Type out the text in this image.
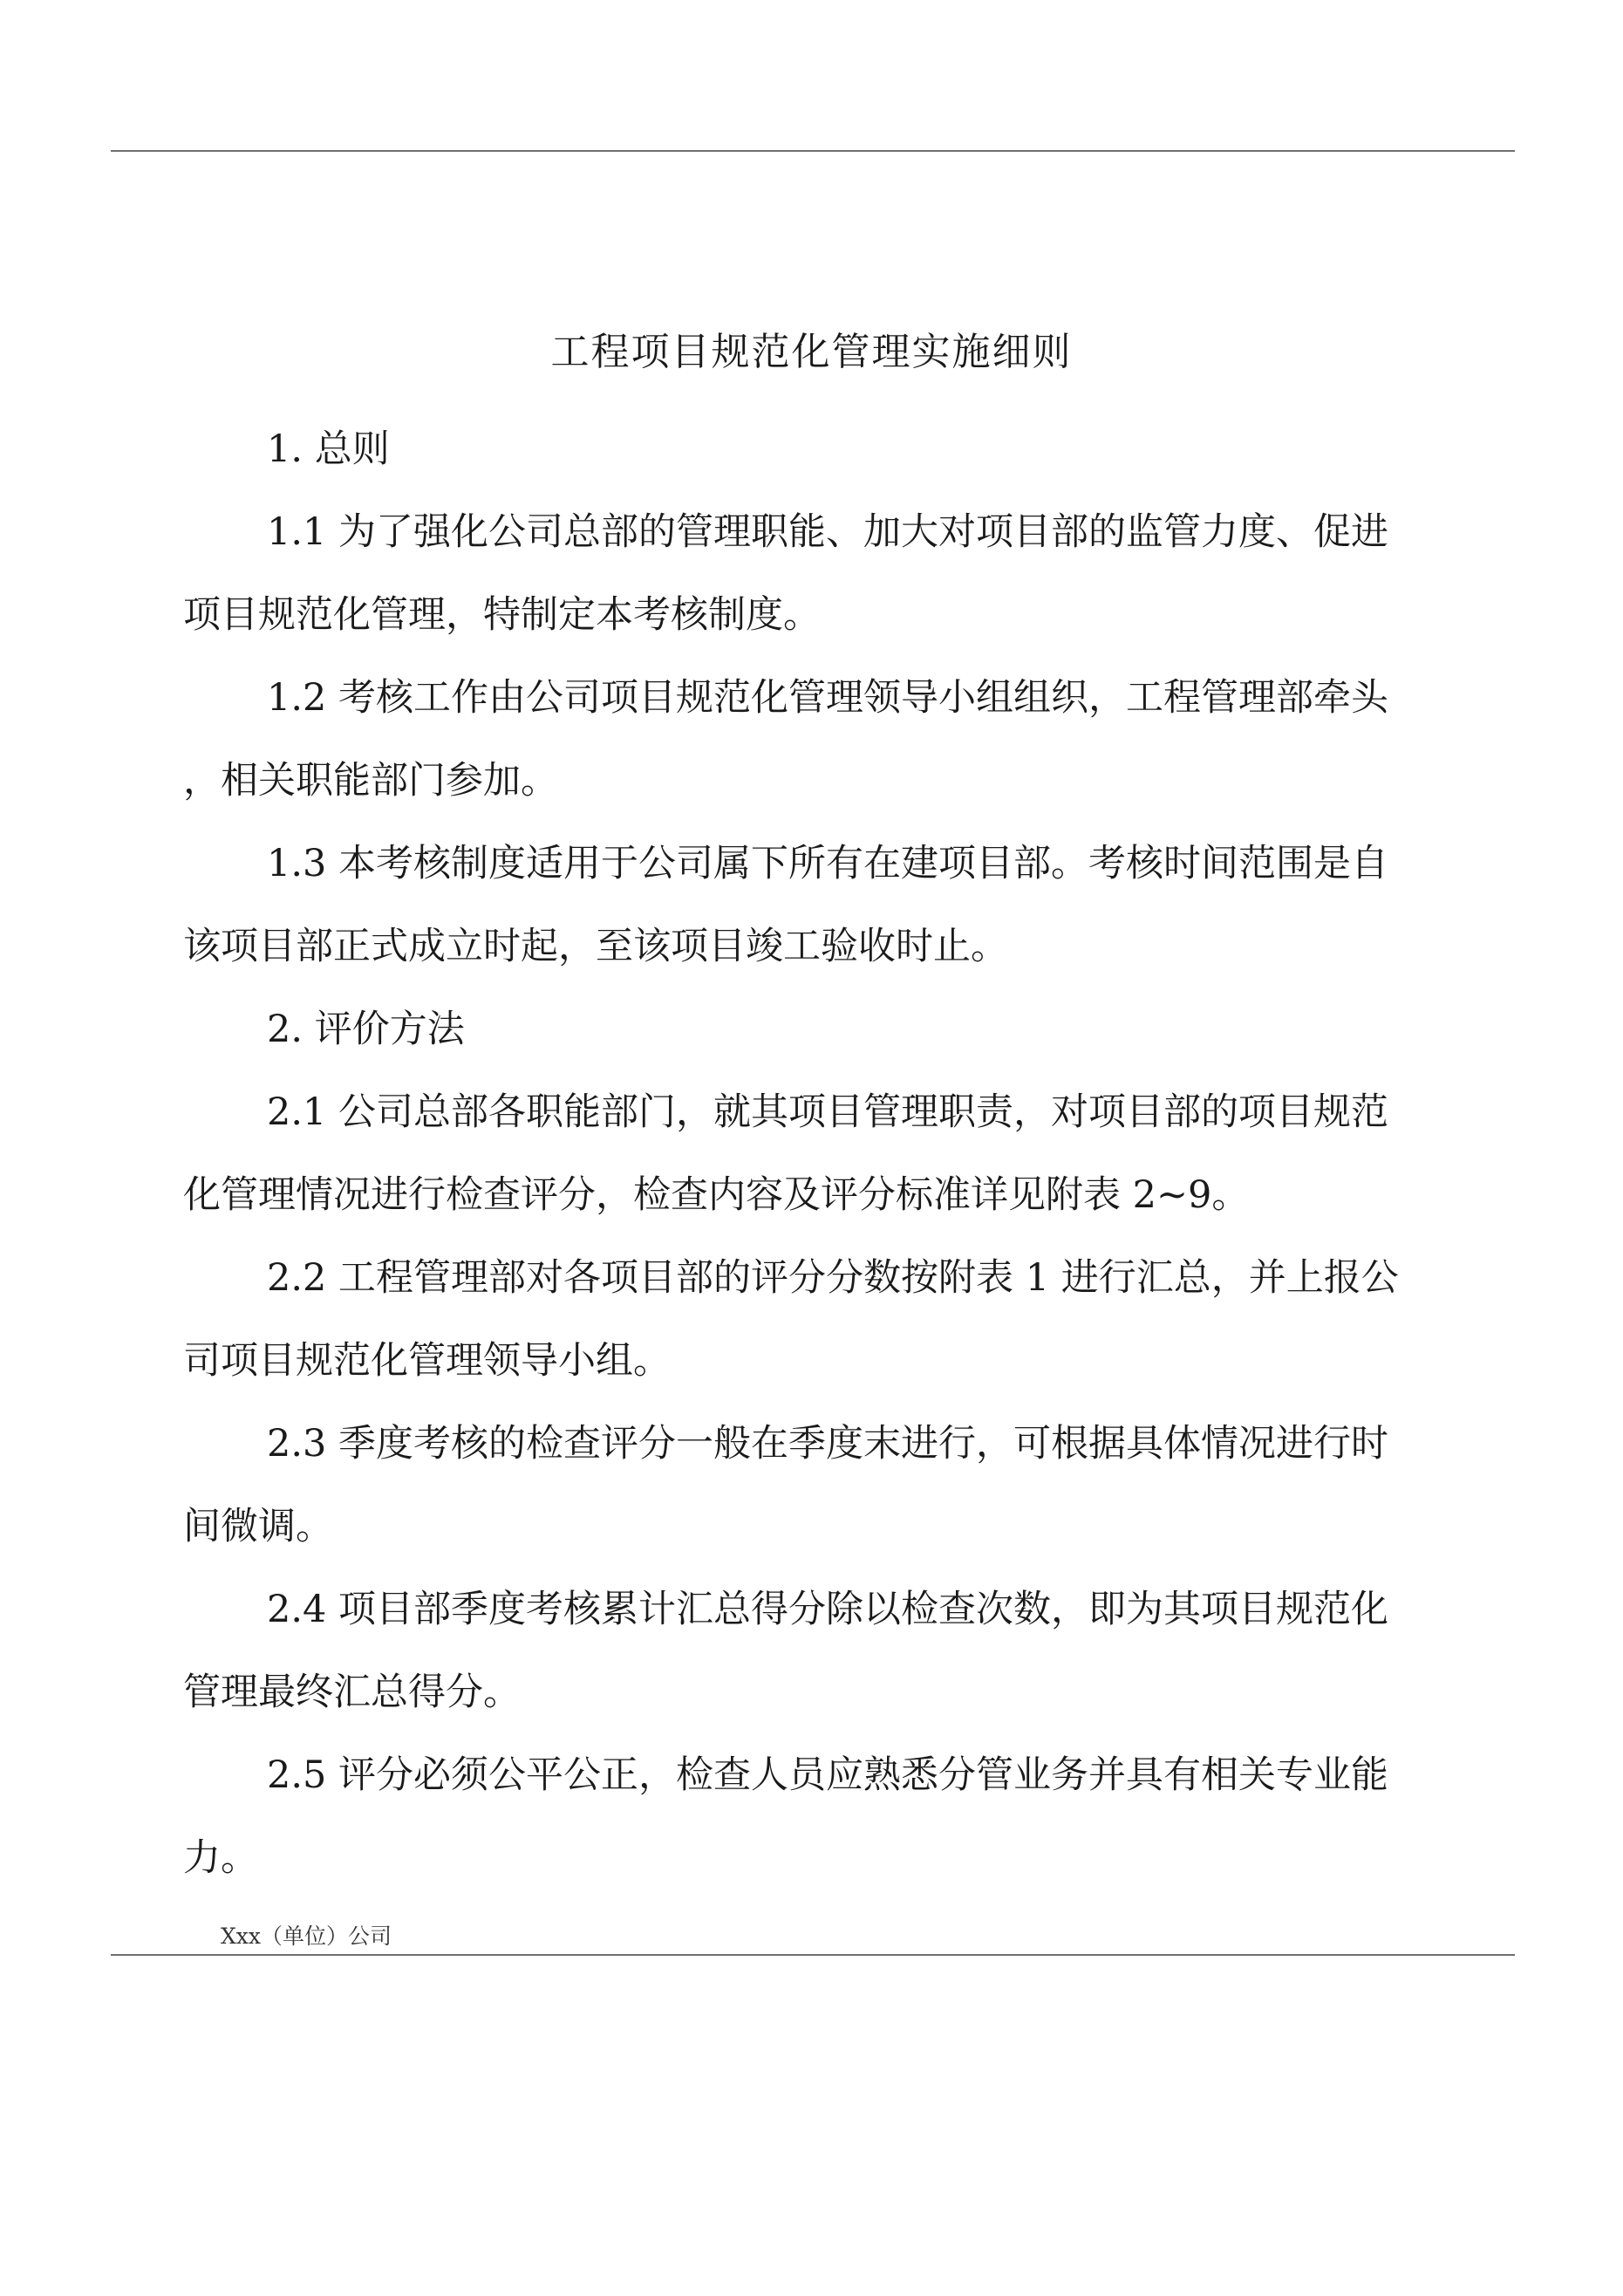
工程项目规范化管理实施细则
1. 总则
1.1 为了强化公司总部的管理职能、加大对项目部的监管力度、促进
项目规范化管理，特制定本考核制度。
1.2 考核工作由公司项目规范化管理领导小组组织，工程管理部牵头
，相关职能部门参加。
1.3 本考核制度适用于公司属下所有在建项目部。考核时间范围是自
该项目部正式成立时起，至该项目竣工验收时止。
2. 评价方法
2.1 公司总部各职能部门，就其项目管理职责，对项目部的项目规范
化管理情况进行检查评分，检查内容及评分标准详见附表 2~9。
2.2 工程管理部对各项目部的评分分数按附表 1 进行汇总，并上报公
司项目规范化管理领导小组。
2.3 季度考核的检查评分一般在季度末进行，可根据具体情况进行时
间微调。
2.4 项目部季度考核累计汇总得分除以检查次数，即为其项目规范化
管理最终汇总得分。
2.5 评分必须公平公正，检查人员应熟悉分管业务并具有相关专业能
力。
Xxx（单位）公司
